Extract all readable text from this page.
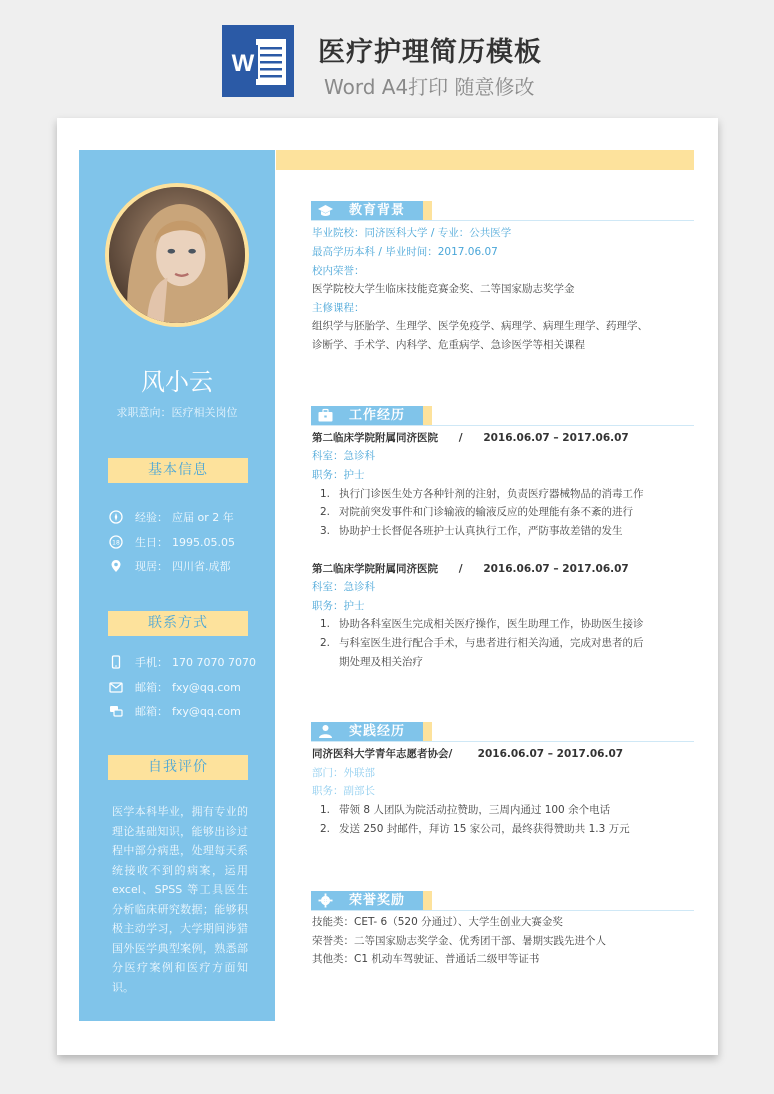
W 医疗护理简历模板
Word A4打印 随意修改
风小云
求职意向：医疗相关岗位
基本信息
经验： 应届 or 2 年
18 生日： 1995.05.05
现居： 四川省.成都
联系方式
手机： 170 7070 7070
邮箱： fxy@qq.com
邮箱： fxy@qq.com
自我评价
医学本科毕业，拥有专业的理论基础知识，能够出诊过程中部分病患，处理每天系统接收不到的病案，运用excel、SPSS 等工具医生分析临床研究数据；能够积极主动学习，大学期间涉猎国外医学典型案例，熟悉部分医疗案例和医疗方面知识。
教育背景
毕业院校：同济医科大学 / 专业：公共医学
最高学历本科 / 毕业时间：2017.06.07
校内荣誉：
医学院校大学生临床技能竞赛金奖、二等国家励志奖学金
主修课程：
组织学与胚胎学、生理学、医学免疫学、病理学、病理生理学、药理学、
诊断学、手术学、内科学、危重病学、急诊医学等相关课程
工作经历
第二临床学院附属同济医院 / 2016.06.07 – 2017.06.07
科室：急诊科
职务：护士
1. 执行门诊医生处方各种针剂的注射，负责医疗器械物品的消毒工作
2. 对院前突发事件和门诊输液的输液反应的处理能有条不紊的进行
3. 协助护士长督促各班护士认真执行工作，严防事故差错的发生
第二临床学院附属同济医院 / 2016.06.07 – 2017.06.07
科室：急诊科
职务：护士
1. 协助各科室医生完成相关医疗操作，医生助理工作，协助医生接诊
2. 与科室医生进行配合手术，与患者进行相关沟通，完成对患者的后
期处理及相关治疗
实践经历
同济医科大学青年志愿者协会/ 2016.06.07 – 2017.06.07
部门：外联部
职务：副部长
1. 带领 8 人团队为院活动拉赞助，三周内通过 100 余个电话
2. 发送 250 封邮件，拜访 15 家公司，最终获得赞助共 1.3 万元
荣誉奖励
技能类：CET- 6（520 分通过）、大学生创业大赛金奖
荣誉类：二等国家励志奖学金、优秀团干部、暑期实践先进个人
其他类：C1 机动车驾驶证、普通话二级甲等证书
